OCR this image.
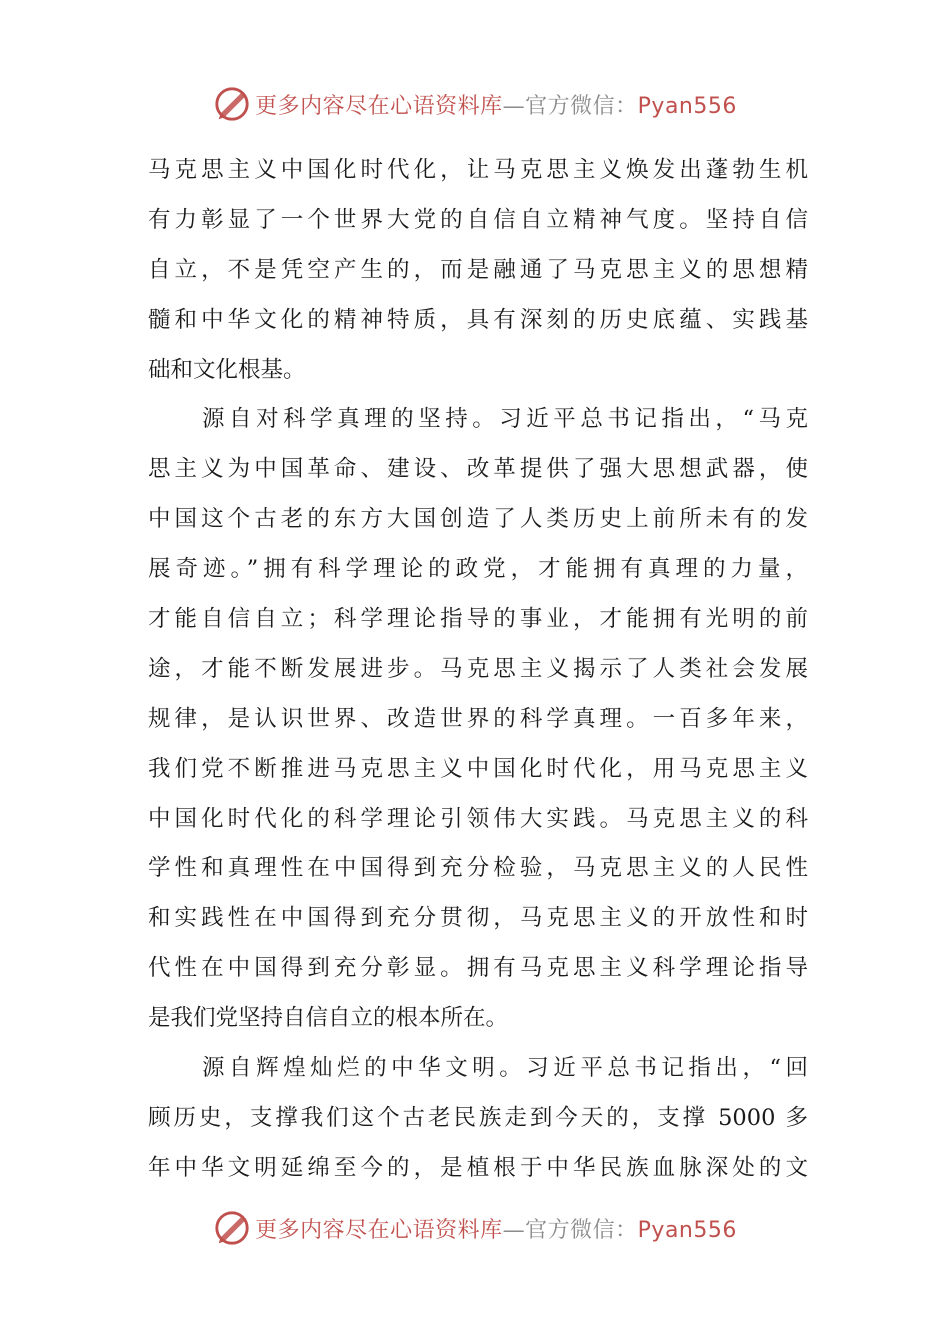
更多内容尽在心语资料库—官方微信：Pyan556
马克思主义中国化时代化，让马克思主义焕发出蓬勃生机
有力彰显了一个世界大党的自信自立精神气度。坚持自信
自立，不是凭空产生的，而是融通了马克思主义的思想精
髓和中华文化的精神特质，具有深刻的历史底蕴、实践基
础和文化根基。
　　源自对科学真理的坚持。习近平总书记指出，“马克
思主义为中国革命、建设、改革提供了强大思想武器，使
中国这个古老的东方大国创造了人类历史上前所未有的发
展奇迹。”拥有科学理论的政党，才能拥有真理的力量，
才能自信自立；科学理论指导的事业，才能拥有光明的前
途，才能不断发展进步。马克思主义揭示了人类社会发展
规律，是认识世界、改造世界的科学真理。一百多年来，
我们党不断推进马克思主义中国化时代化，用马克思主义
中国化时代化的科学理论引领伟大实践。马克思主义的科
学性和真理性在中国得到充分检验，马克思主义的人民性
和实践性在中国得到充分贯彻，马克思主义的开放性和时
代性在中国得到充分彰显。拥有马克思主义科学理论指导
是我们党坚持自信自立的根本所在。
　　源自辉煌灿烂的中华文明。习近平总书记指出，“回
顾历史，支撑我们这个古老民族走到今天的，支撑 5000 多
年中华文明延绵至今的，是植根于中华民族血脉深处的文
更多内容尽在心语资料库—官方微信：Pyan556
